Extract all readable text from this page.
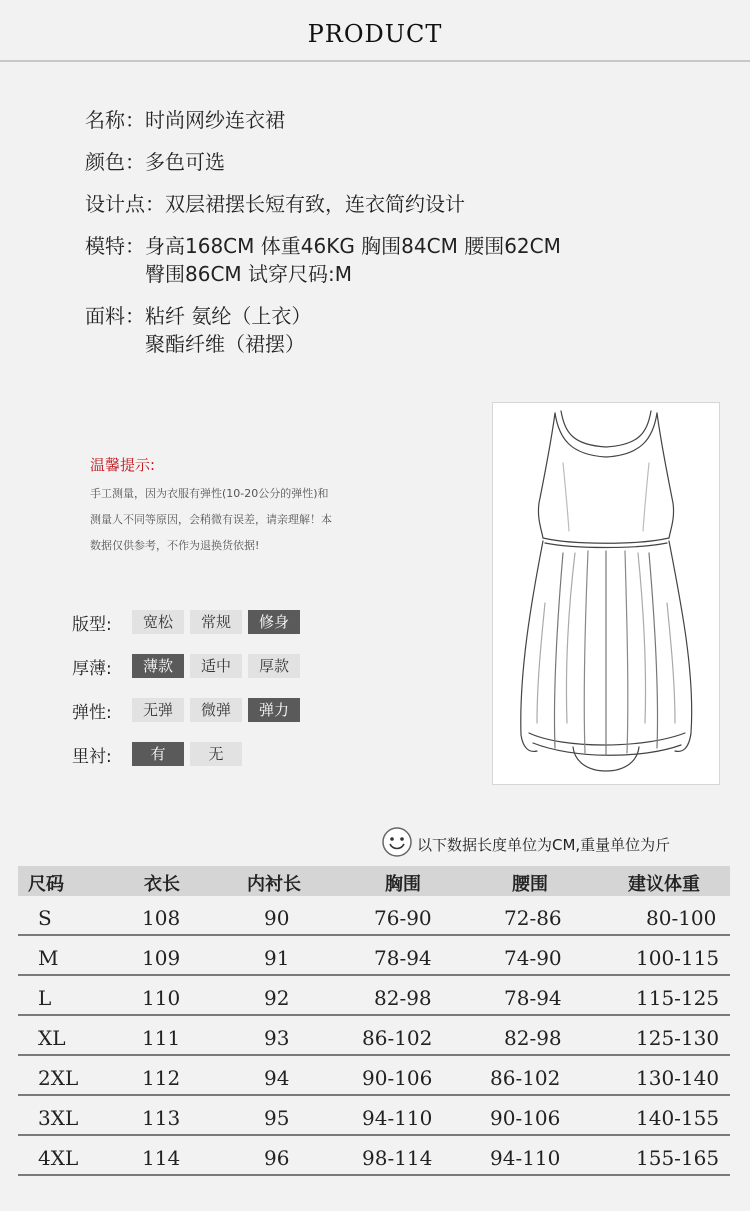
PRODUCT
名称： 时尚网纱连衣裙
颜色： 多色可选
设计点： 双层裙摆长短有致，连衣简约设计
模特： 身高168CM 体重46KG 胸围84CM 腰围62CM
臀围86CM 试穿尺码:M
面料： 粘纤 氨纶（上衣）
聚酯纤维（裙摆）
温馨提示:
手工测量，因为衣服有弹性(10-20公分的弹性)和
测量人不同等原因，会稍微有误差，请亲理解！本
数据仅供参考，不作为退换货依据!
版型:	宽松	常规	修身
厚薄:	薄款	适中	厚款
弹性:	无弹	微弹	弹力
里衬:	有	无
以下数据长度单位为CM,重量单位为斤
尺码	衣长	内衬长	胸围	腰围	建议体重
S	108	90	76-90	72-86	80-100
M	109	91	78-94	74-90	100-115
L	110	92	82-98	78-94	115-125
XL	111	93	86-102	82-98	125-130
2XL	112	94	90-106	86-102	130-140
3XL	113	95	94-110	90-106	140-155
4XL	114	96	98-114	94-110	155-165
